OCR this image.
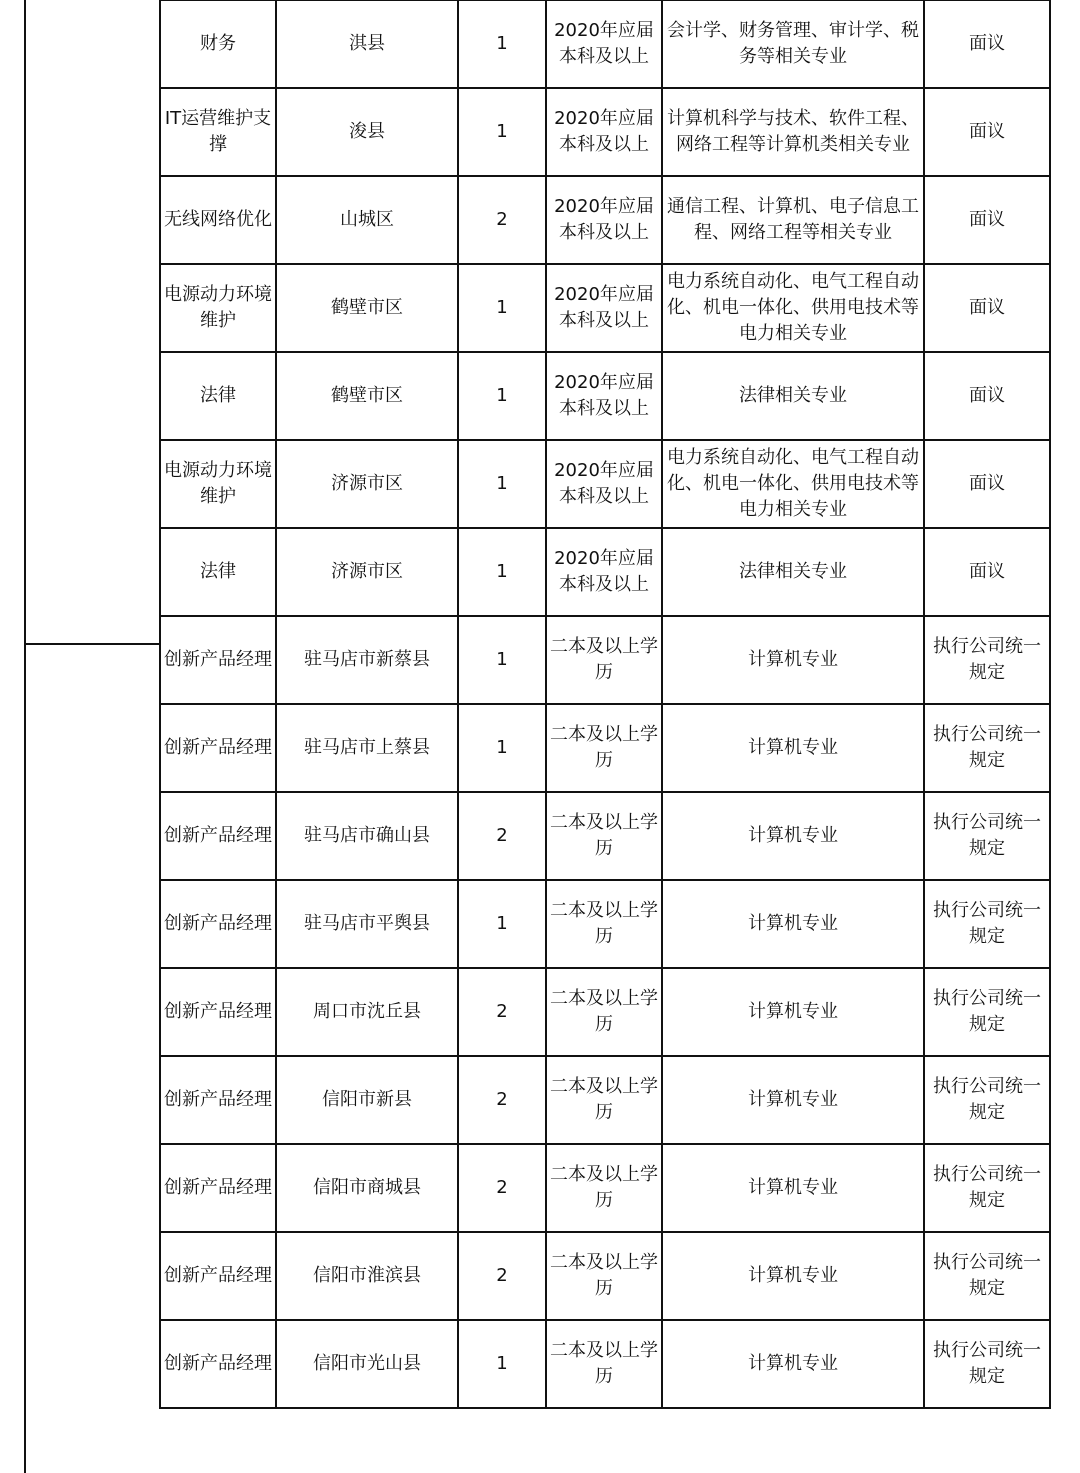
财务	淇县	1	2020年应届本科及以上	会计学、财务管理、审计学、税务等相关专业	面议
IT运营维护支撑	浚县	1	2020年应届本科及以上	计算机科学与技术、软件工程、网络工程等计算机类相关专业	面议
无线网络优化	山城区	2	2020年应届本科及以上	通信工程、计算机、电子信息工程、网络工程等相关专业	面议
电源动力环境维护	鹤壁市区	1	2020年应届本科及以上	电力系统自动化、电气工程自动化、机电一体化、供用电技术等电力相关专业	面议
法律	鹤壁市区	1	2020年应届本科及以上	法律相关专业	面议
电源动力环境维护	济源市区	1	2020年应届本科及以上	电力系统自动化、电气工程自动化、机电一体化、供用电技术等电力相关专业	面议
法律	济源市区	1	2020年应届本科及以上	法律相关专业	面议
创新产品经理	驻马店市新蔡县	1	二本及以上学历	计算机专业	执行公司统一规定
创新产品经理	驻马店市上蔡县	1	二本及以上学历	计算机专业	执行公司统一规定
创新产品经理	驻马店市确山县	2	二本及以上学历	计算机专业	执行公司统一规定
创新产品经理	驻马店市平舆县	1	二本及以上学历	计算机专业	执行公司统一规定
创新产品经理	周口市沈丘县	2	二本及以上学历	计算机专业	执行公司统一规定
创新产品经理	信阳市新县	2	二本及以上学历	计算机专业	执行公司统一规定
创新产品经理	信阳市商城县	2	二本及以上学历	计算机专业	执行公司统一规定
创新产品经理	信阳市淮滨县	2	二本及以上学历	计算机专业	执行公司统一规定
创新产品经理	信阳市光山县	1	二本及以上学历	计算机专业	执行公司统一规定
